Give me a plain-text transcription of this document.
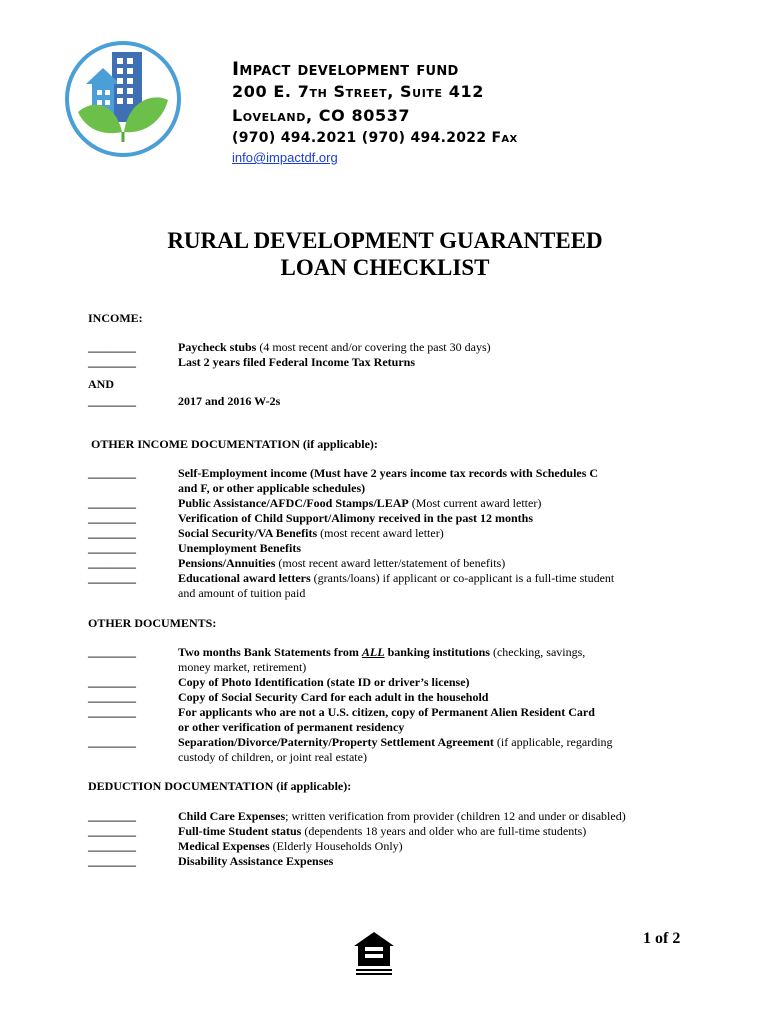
Impact development fund
200 E. 7th Street, Suite 412
Loveland, CO 80537
(970) 494.2021 (970) 494.2022 Fax
info@impactdf.org
RURAL DEVELOPMENT GUARANTEED
LOAN CHECKLIST
INCOME:
________	Paycheck stubs (4 most recent and/or covering the past 30 days)
________	Last 2 years filed Federal Income Tax Returns
AND
________	2017 and 2016 W-2s
OTHER INCOME DOCUMENTATION (if applicable):
________	Self-Employment income (Must have 2 years income tax records with Schedules C
and F, or other applicable schedules)
________	Public Assistance/AFDC/Food Stamps/LEAP (Most current award letter)
________	Verification of Child Support/Alimony received in the past 12 months
________	Social Security/VA Benefits (most recent award letter)
________	Unemployment Benefits
________	Pensions/Annuities (most recent award letter/statement of benefits)
________	Educational award letters (grants/loans) if applicant or co-applicant is a full-time student
and amount of tuition paid
OTHER DOCUMENTS:
________	Two months Bank Statements from ALL banking institutions (checking, savings,
money market, retirement)
________	Copy of Photo Identification (state ID or driver’s license)
________	Copy of Social Security Card for each adult in the household
________	For applicants who are not a U.S. citizen, copy of Permanent Alien Resident Card
or other verification of permanent residency
________	Separation/Divorce/Paternity/Property Settlement Agreement (if applicable, regarding
custody of children, or joint real estate)
DEDUCTION DOCUMENTATION (if applicable):
________	Child Care Expenses; written verification from provider (children 12 and under or disabled)
________	Full-time Student status (dependents 18 years and older who are full-time students)
________	Medical Expenses (Elderly Households Only)
________	Disability Assistance Expenses
1 of 2
